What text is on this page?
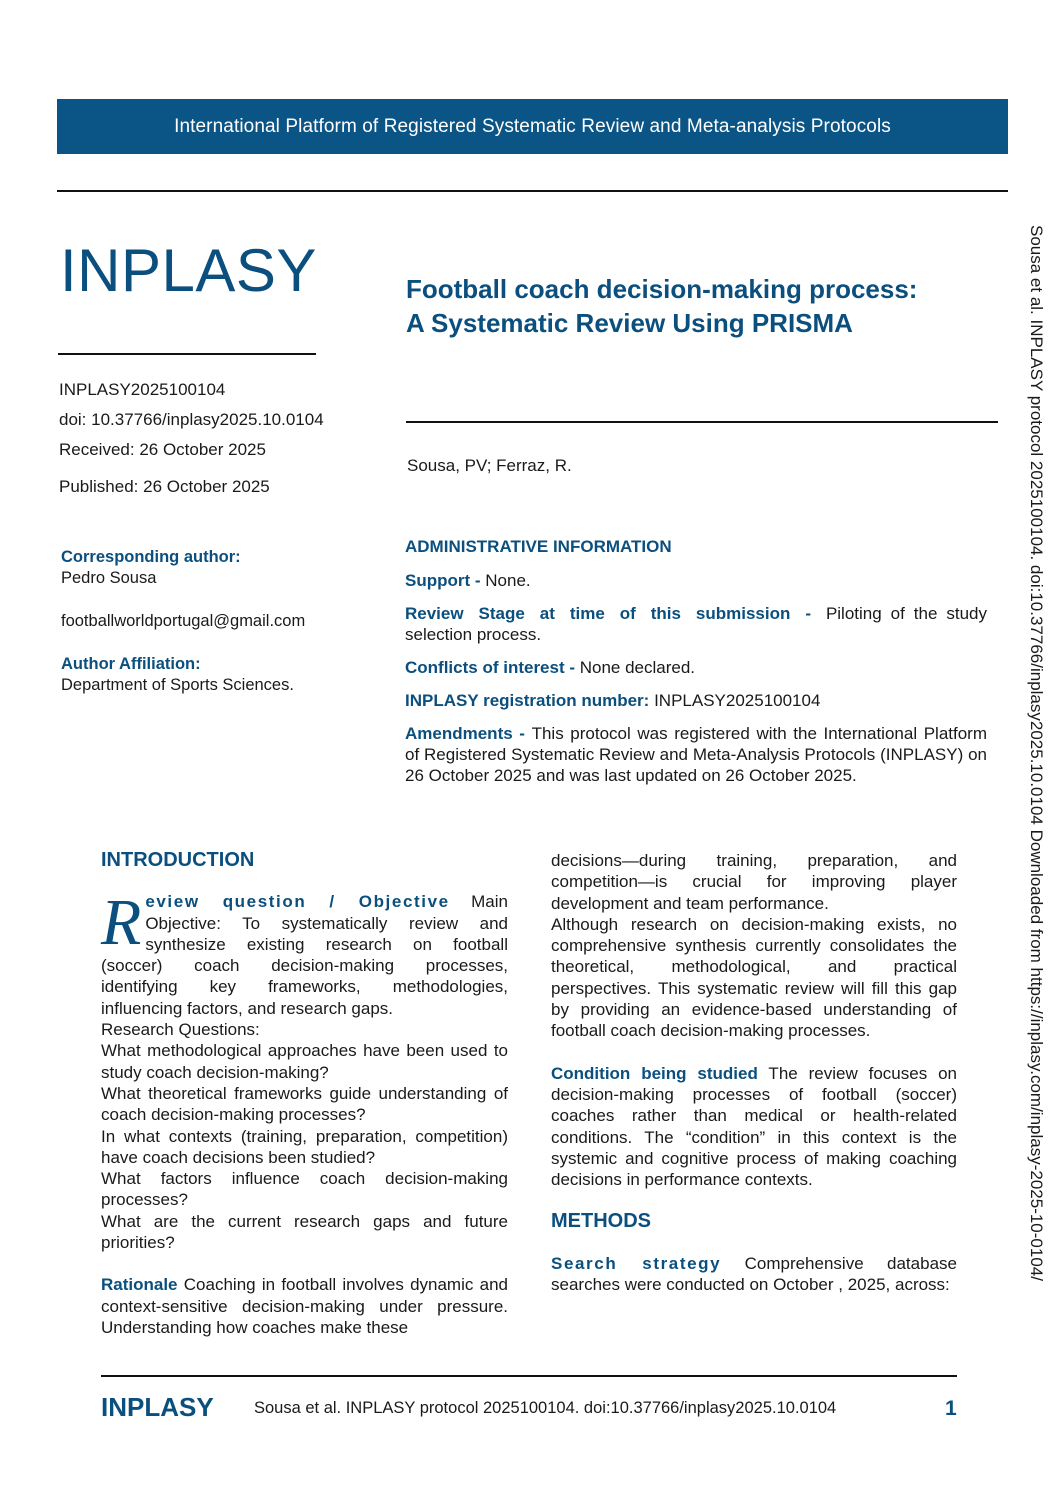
International Platform of Registered Systematic Review and Meta-analysis Protocols
INPLASY	Football coach decision-making process:
A Systematic Review Using PRISMA
INPLASY2025100104
doi: 10.37766/inplasy2025.10.0104
Received: 26 October 2025
Published: 26 October 2025
Sousa, PV; Ferraz, R.
Corresponding author:
Pedro Sousa
footballworldportugal@gmail.com
Author Affiliation:
Department of Sports Sciences.
ADMINISTRATIVE INFORMATION

Support - None.

Review Stage at time of this submission - Piloting of the study selection process.

Conflicts of interest - None declared.

INPLASY registration number: INPLASY2025100104

Amendments - This protocol was registered with the International Platform of Registered Systematic Review and Meta-Analysis Protocols (INPLASY) on 26 October 2025 and was last updated on 26 October 2025.

INTRODUCTION

Review question / Objective Main Objective: To systematically review and synthesize existing research on football (soccer) coach decision-making processes, identifying key frameworks, methodologies, influencing factors, and research gaps.

Research Questions:

What methodological approaches have been used to study coach decision-making?

What theoretical frameworks guide understanding of coach decision-making processes?

In what contexts (training, preparation, competition) have coach decisions been studied?

What factors influence coach decision-making processes?

What are the current research gaps and future priorities?

Rationale Coaching in football involves dynamic and context-sensitive decision-making under pressure. Understanding how coaches make these

decisions—during training, preparation, and competition—is crucial for improving player development and team performance.
Although research on decision-making exists, no comprehensive synthesis currently consolidates the theoretical, methodological, and practical perspectives. This systematic review will fill this gap by providing an evidence-based understanding of football coach decision-making processes.

Condition being studied The review focuses on decision-making processes of football (soccer) coaches rather than medical or health-related conditions. The “condition” in this context is the systemic and cognitive process of making coaching decisions in performance contexts.

METHODS

Search strategy Comprehensive database searches were conducted on October , 2025, across:

INPLASY Sousa et al. INPLASY protocol 2025100104. doi:10.37766/inplasy2025.10.0104	1
Sousa et al. INPLASY protocol 2025100104. doi:10.37766/inplasy2025.10.0104 Downloaded from https://inplasy.com/inplasy-2025-10-0104/
